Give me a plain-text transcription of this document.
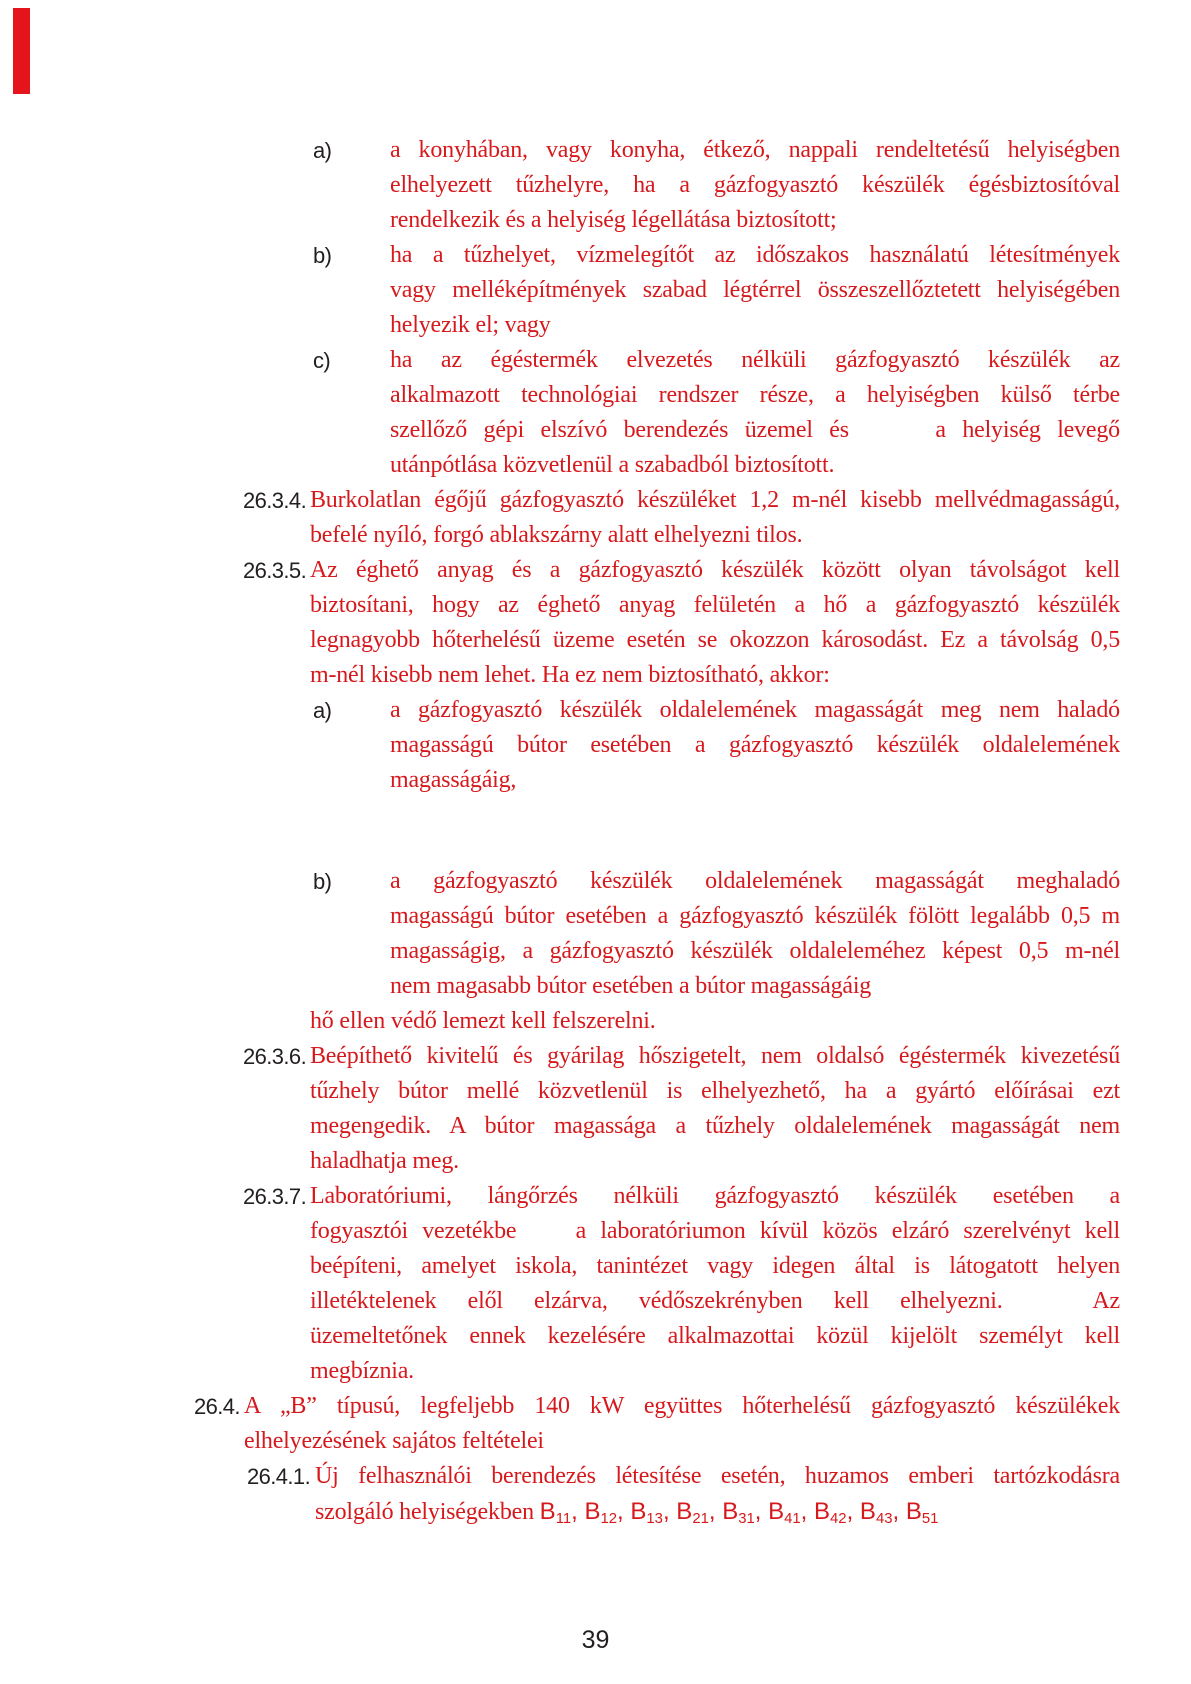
a) a konyhában, vagy konyha, étkező, nappali rendeltetésű helyiségben
elhelyezett tűzhelyre, ha a gázfogyasztó készülék égésbiztosítóval
rendelkezik és a helyiség légellátása biztosított;
b) ha a tűzhelyet, vízmelegítőt az időszakos használatú létesítmények
vagy melléképítmények szabad légtérrel összeszellőztetett helyiségében
helyezik el; vagy
c) ha az égéstermék elvezetés nélküli gázfogyasztó készülék az
alkalmazott technológiai rendszer része, a helyiségben külső térbe
szellőző gépi elszívó berendezés üzemel és	a helyiség levegő
utánpótlása közvetlenül a szabadból biztosított.
26.3.4. Burkolatlan égőjű gázfogyasztó készüléket 1,2 m-nél kisebb mellvédmagasságú,
befelé nyíló, forgó ablakszárny alatt elhelyezni tilos.
26.3.5. Az éghető anyag és a gázfogyasztó készülék között olyan távolságot kell
biztosítani, hogy az éghető anyag felületén a hő a gázfogyasztó készülék
legnagyobb hőterhelésű üzeme esetén se okozzon károsodást. Ez a távolság 0,5
m-nél kisebb nem lehet. Ha ez nem biztosítható, akkor:
a) a gázfogyasztó készülék oldalelemének magasságát meg nem haladó
magasságú bútor esetében a gázfogyasztó készülék oldalelemének
magasságáig,
b) a gázfogyasztó készülék oldalelemének magasságát meghaladó
magasságú bútor esetében a gázfogyasztó készülék fölött legalább 0,5 m
magasságig, a gázfogyasztó készülék oldaleleméhez képest 0,5 m-nél
nem magasabb bútor esetében a bútor magasságáig
hő ellen védő lemezt kell felszerelni.
26.3.6. Beépíthető kivitelű és gyárilag hőszigetelt, nem oldalsó égéstermék kivezetésű
tűzhely bútor mellé közvetlenül is elhelyezhető, ha a gyártó előírásai ezt
megengedik. A bútor magassága a tűzhely oldalelemének magasságát nem
haladhatja meg.
26.3.7. Laboratóriumi, lángőrzés nélküli gázfogyasztó készülék esetében a
fogyasztói vezetékbe a laboratóriumon kívül közös elzáró szerelvényt kell
beépíteni, amelyet iskola, tanintézet vagy idegen által is látogatott helyen
illetéktelenek elől elzárva, védőszekrényben kell elhelyezni.	Az
üzemeltetőnek ennek kezelésére alkalmazottai közül kijelölt személyt kell
megbíznia.
26.4. A „B” típusú, legfeljebb 140 kW együttes hőterhelésű gázfogyasztó készülékek
elhelyezésének sajátos feltételei
26.4.1. Új felhasználói berendezés létesítése esetén, huzamos emberi tartózkodásra
szolgáló helyiségekben $B_{11}$, $B_{12}$, $B_{13}$, $B_{21}$, $B_{31}$, $B_{41}$, $B_{42}$, $B_{43}$, $B_{51}$
39
